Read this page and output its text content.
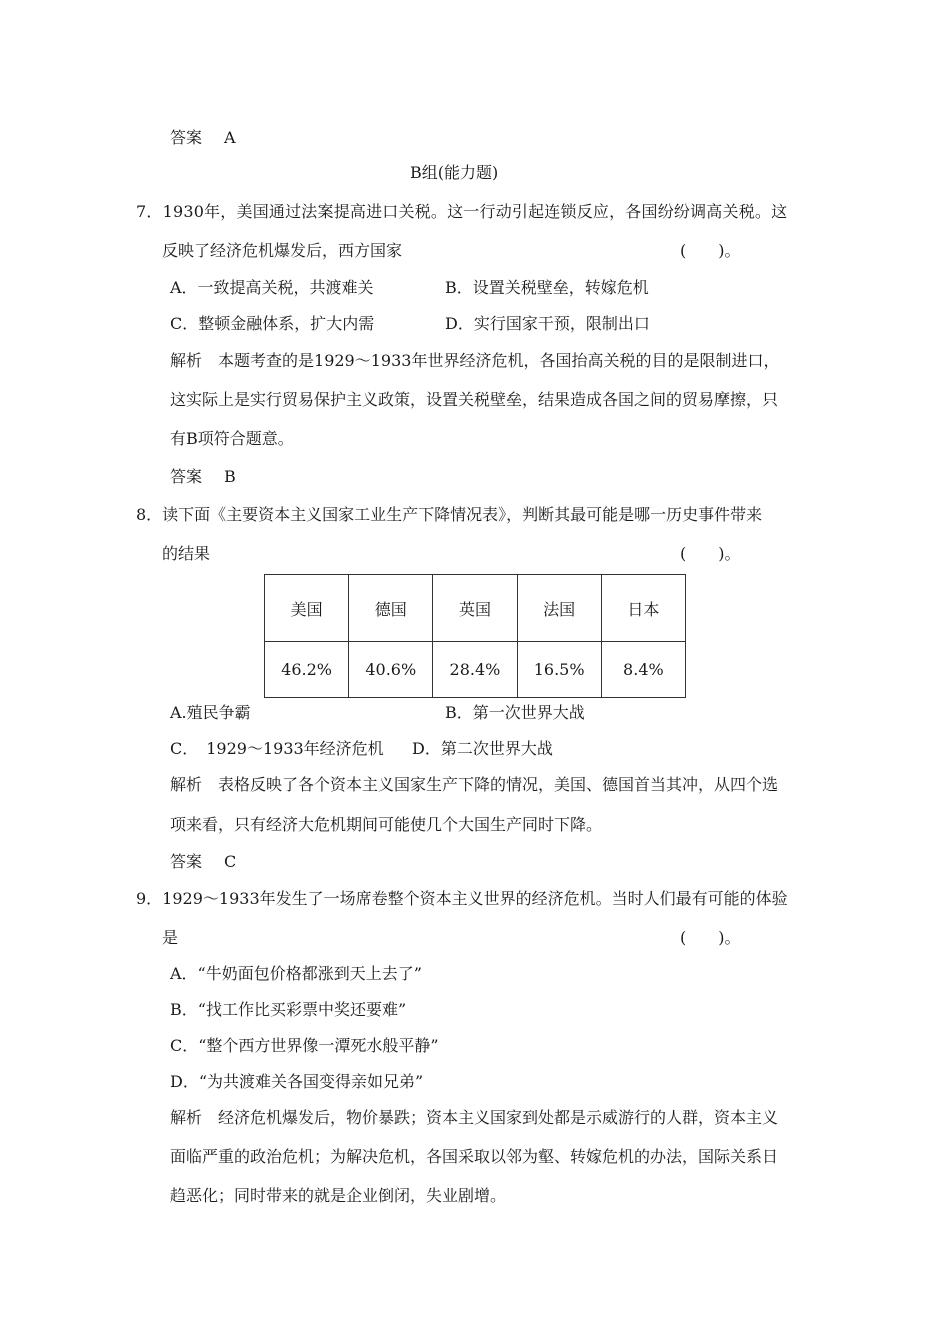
答案 A
B组(能力题)
7．1930年，美国通过法案提高进口关税。这一行动引起连锁反应，各国纷纷调高关税。这
反映了经济危机爆发后，西方国家	(　　)。
A．一致提高关税，共渡难关	B．设置关税壁垒，转嫁危机
C．整顿金融体系，扩大内需	D．实行国家干预，限制出口
解析 本题考查的是1929～1933年世界经济危机，各国抬高关税的目的是限制进口，
这实际上是实行贸易保护主义政策，设置关税壁垒，结果造成各国之间的贸易摩擦，只
有B项符合题意。
答案 B
8．读下面《主要资本主义国家工业生产下降情况表》，判断其最可能是哪一历史事件带来
的结果	(　　)。
美国	德国	英国	法国	日本
46.2%	40.6%	28.4%	16.5%	8.4%
A.殖民争霸	B．第一次世界大战
C．　1929～1933年经济危机 D．第二次世界大战
解析 表格反映了各个资本主义国家生产下降的情况，美国、德国首当其冲，从四个选
项来看，只有经济大危机期间可能使几个大国生产同时下降。
答案 C
9．1929～1933年发生了一场席卷整个资本主义世界的经济危机。当时人们最有可能的体验
是	(　　)。
A．“牛奶面包价格都涨到天上去了”
B．“找工作比买彩票中奖还要难”
C．“整个西方世界像一潭死水般平静”
D．“为共渡难关各国变得亲如兄弟”
解析 经济危机爆发后，物价暴跌；资本主义国家到处都是示威游行的人群，资本主义
面临严重的政治危机；为解决危机，各国采取以邻为壑、转嫁危机的办法，国际关系日
趋恶化；同时带来的就是企业倒闭，失业剧增。
